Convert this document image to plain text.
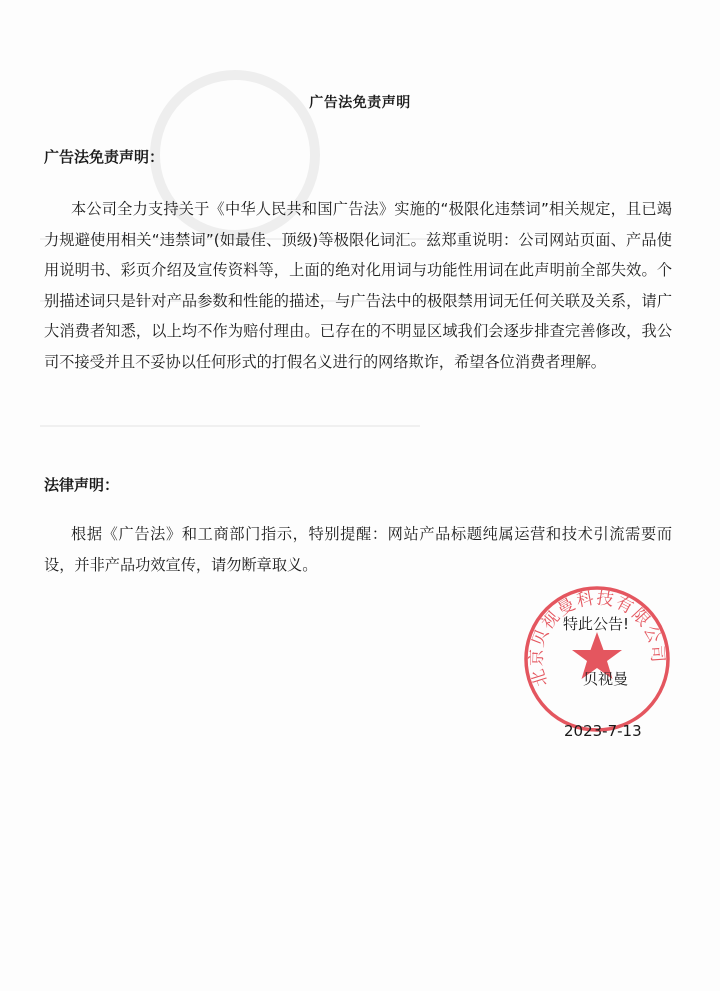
广告法免责声明
广告法免责声明：

本公司全力支持关于《中华人民共和国广告法》实施的“极限化违禁词”相关规定，且已竭力规避使用相关“违禁词”(如最佳、顶级)等极限化词汇。兹郑重说明：公司网站页面、产品使用说明书、彩页介绍及宣传资料等，上面的绝对化用词与功能性用词在此声明前全部失效。个别描述词只是针对产品参数和性能的描述，与广告法中的极限禁用词无任何关联及关系，请广大消费者知悉，以上均不作为赔付理由。已存在的不明显区域我们会逐步排查完善修改，我公司不接受并且不妥协以任何形式的打假名义进行的网络欺诈，希望各位消费者理解。

法律声明：

根据《广告法》和工商部门指示，特别提醒：网站产品标题纯属运营和技术引流需要而设，并非产品功效宣传，请勿断章取义。

北京贝视曼科技有限公司
特此公告!
贝视曼
2023-7-13
